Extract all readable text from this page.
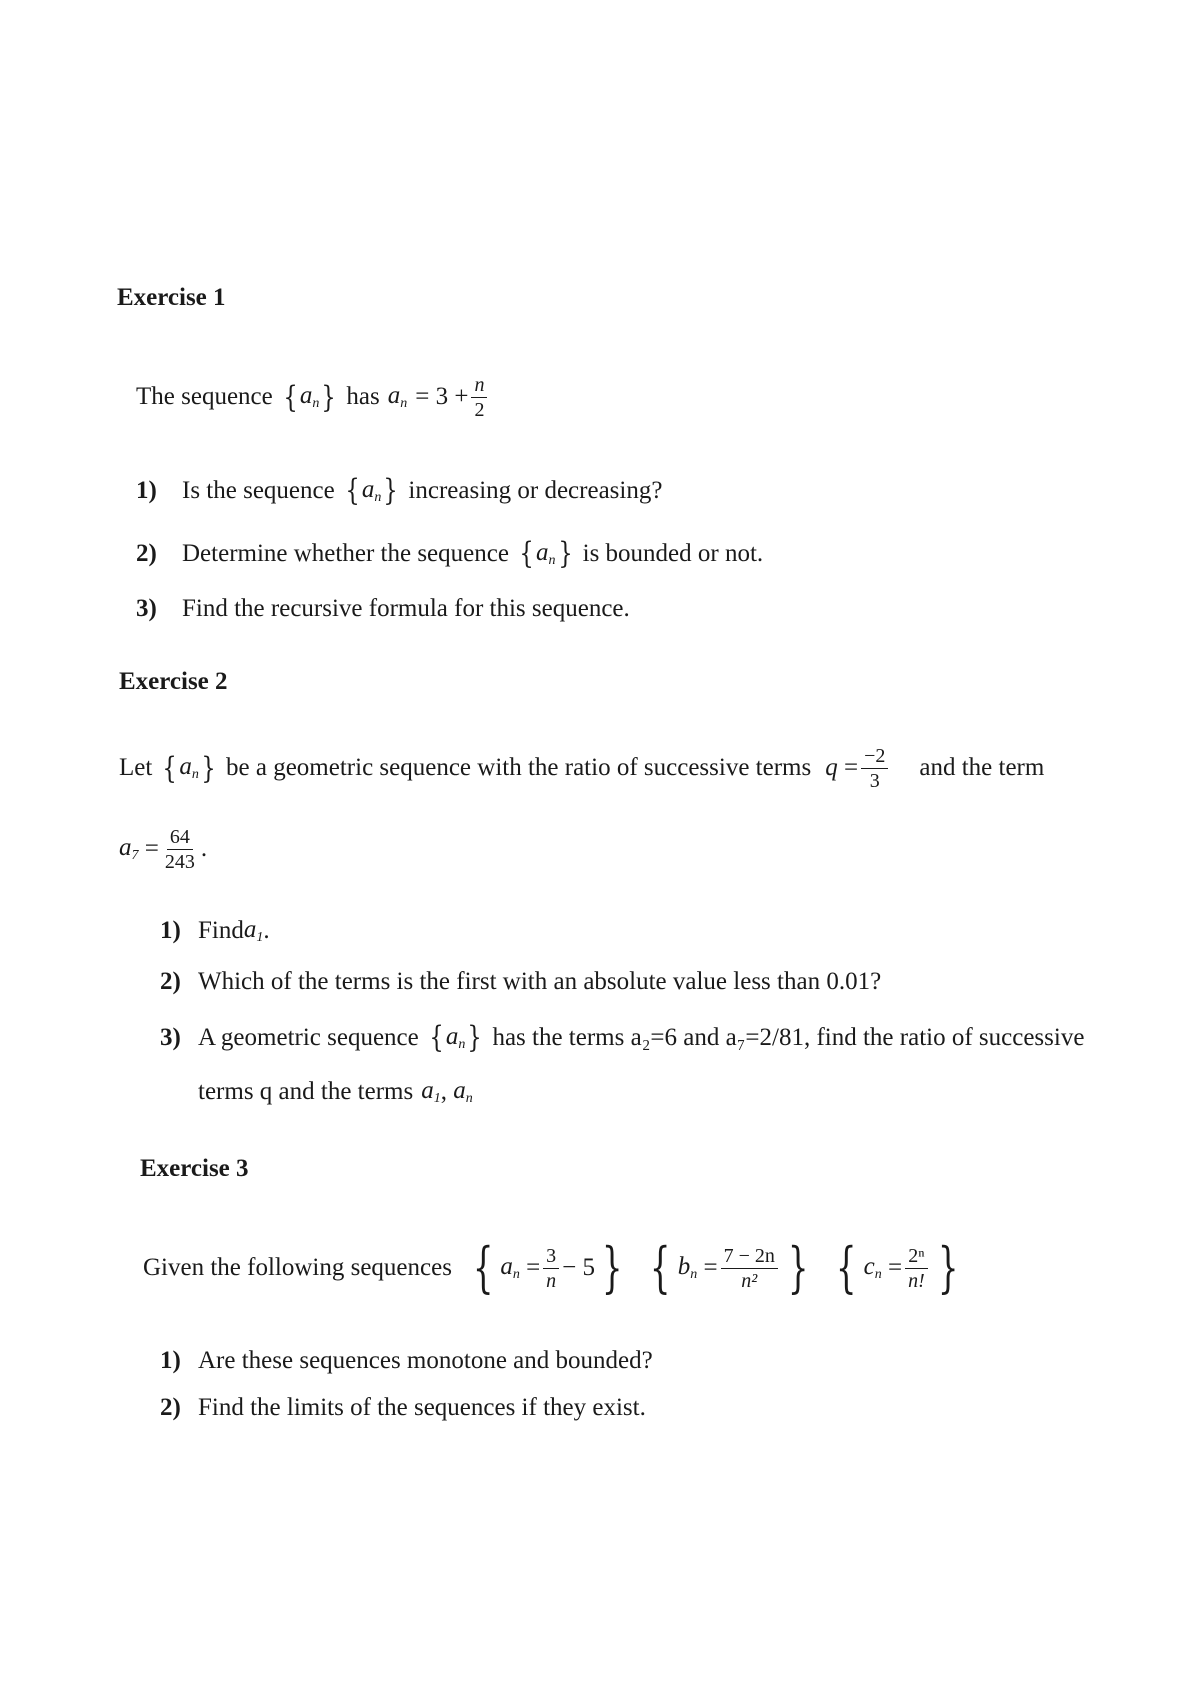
Exercise 1
The sequence { $a_n$ } has $a_n = 3 + \frac{n}{2}$
1)	Is the sequence { $a_n$ } increasing or decreasing?
2)	Determine whether the sequence { $a_n$ } is bounded or not.
3)	Find the recursive formula for this sequence.
Exercise 2
Let { $a_n$ } be a geometric sequence with the ratio of successive terms $q = \frac{-2}{3}$ and the term
$a_7 = \frac{64}{243}$ .
1) Find $a_1$ .
2) Which of the terms is the first with an absolute value less than 0.01?
3) A geometric sequence { $a_n$ } has the terms a₂=6 and a₇=2/81, find the ratio of successive
terms q and the terms $a_1$ , $a_n$
Exercise 3
Given the following sequences { $a_n = \frac{3}{n} - 5$ } { $b_n = \frac{7 - 2n}{\text{n²}}$ } { $c_n = \frac{\text{2ⁿ}}{n!}$ }
1) Are these sequences monotone and bounded?
2) Find the limits of the sequences if they exist.
